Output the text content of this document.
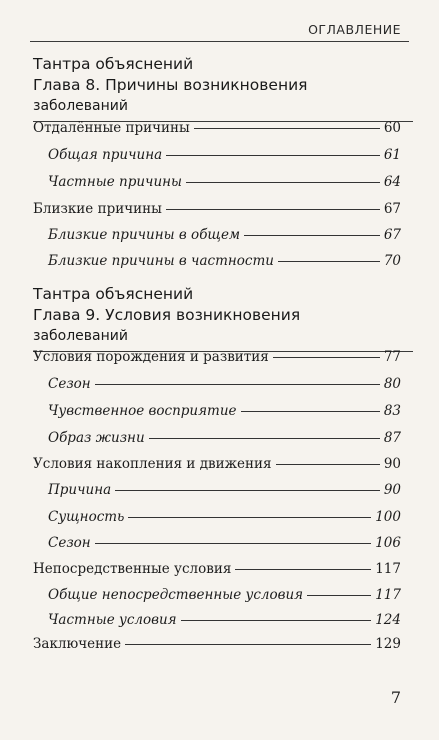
ОГЛАВЛЕНИЕ
Тантра объяснений
Глава 8. Причины возникновения
заболеваний
Отдалённые причины	60
Общая причина	61
Частные причины	64
Близкие причины	67
Близкие причины в общем	67
Близкие причины в частности	70
Тантра объяснений
Глава 9. Условия возникновения
заболеваний
Условия порождения и развития	77
Сезон	80
Чувственное восприятие	83
Образ жизни	87
Условия накопления и движения	90
Причина	90
Сущность	100
Сезон	106
Непосредственные условия	117
Общие непосредственные условия	117
Частные условия	124
Заключение	129
7
